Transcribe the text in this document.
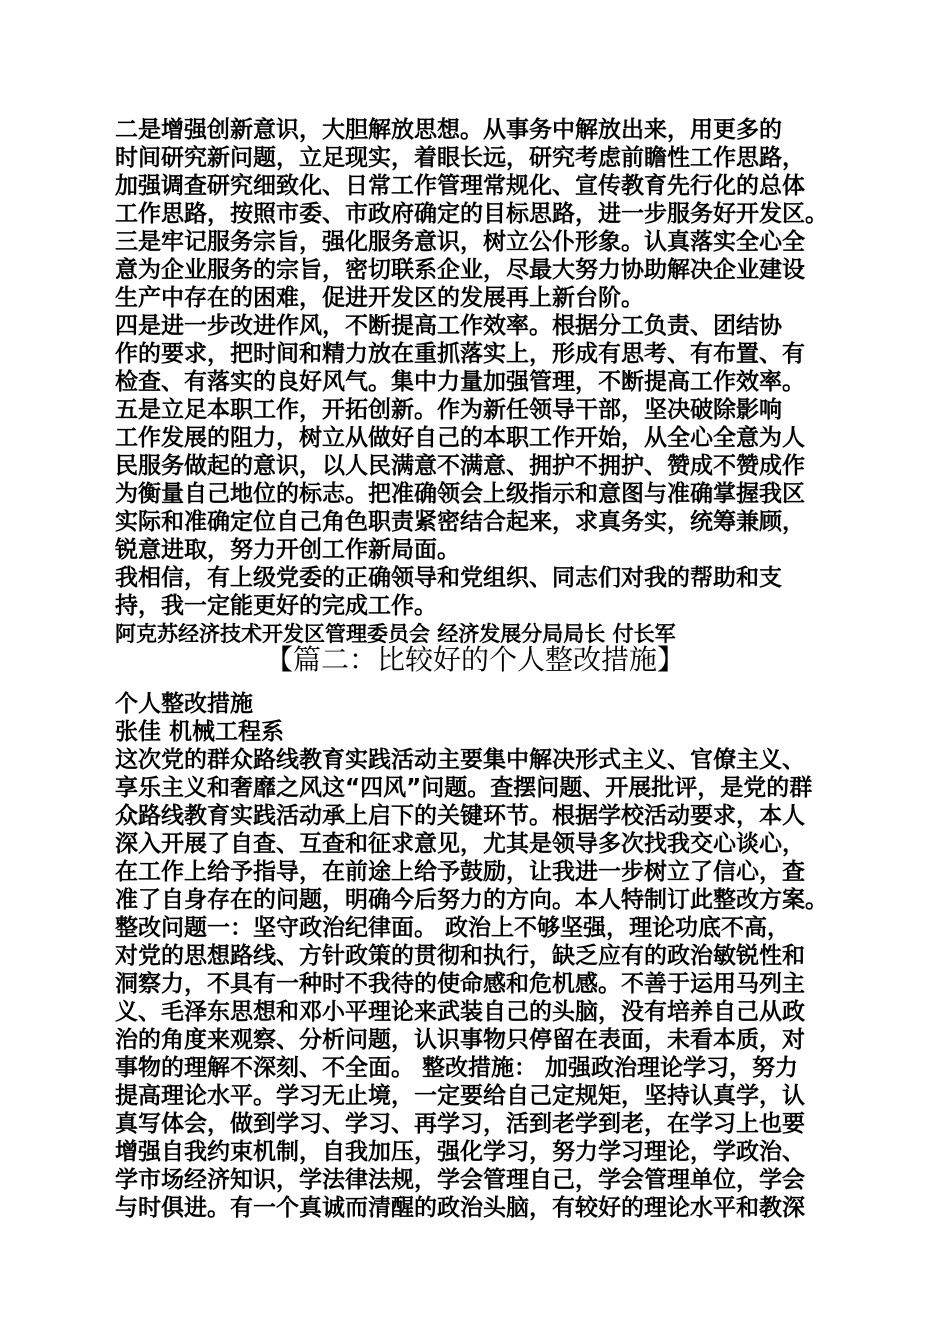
二是增强创新意识，大胆解放思想。从事务中解放出来，用更多的
时间研究新问题，立足现实，着眼长远，研究考虑前瞻性工作思路，
加强调查研究细致化、日常工作管理常规化、宣传教育先行化的总体
工作思路，按照市委、市政府确定的目标思路，进一步服务好开发区。
三是牢记服务宗旨，强化服务意识，树立公仆形象。认真落实全心全
意为企业服务的宗旨，密切联系企业，尽最大努力协助解决企业建设
生产中存在的困难，促进开发区的发展再上新台阶。
四是进一步改进作风，不断提高工作效率。根据分工负责、团结协
作的要求，把时间和精力放在重抓落实上，形成有思考、有布置、有
检查、有落实的良好风气。集中力量加强管理，不断提高工作效率。
五是立足本职工作，开拓创新。作为新任领导干部，坚决破除影响
工作发展的阻力，树立从做好自己的本职工作开始，从全心全意为人
民服务做起的意识，以人民满意不满意、拥护不拥护、赞成不赞成作
为衡量自己地位的标志。把准确领会上级指示和意图与准确掌握我区
实际和准确定位自己角色职责紧密结合起来，求真务实，统筹兼顾，
锐意进取，努力开创工作新局面。
我相信，有上级党委的正确领导和党组织、同志们对我的帮助和支
持，我一定能更好的完成工作。
阿克苏经济技术开发区管理委员会 经济发展分局局长 付长军
【篇二：比较好的个人整改措施】
个人整改措施
张佳 机械工程系
这次党的群众路线教育实践活动主要集中解决形式主义、官僚主义、
享乐主义和奢靡之风这“四风”问题。查摆问题、开展批评，是党的群
众路线教育实践活动承上启下的关键环节。根据学校活动要求，本人
深入开展了自查、互查和征求意见，尤其是领导多次找我交心谈心，
在工作上给予指导，在前途上给予鼓励，让我进一步树立了信心，查
准了自身存在的问题，明确今后努力的方向。本人特制订此整改方案。
整改问题一：坚守政治纪律面。 政治上不够坚强，理论功底不高，
对党的思想路线、方针政策的贯彻和执行，缺乏应有的政治敏锐性和
洞察力，不具有一种时不我待的使命感和危机感。不善于运用马列主
义、毛泽东思想和邓小平理论来武装自己的头脑，没有培养自己从政
治的角度来观察、分析问题，认识事物只停留在表面，未看本质，对
事物的理解不深刻、不全面。 整改措施： 加强政治理论学习，努力
提高理论水平。学习无止境，一定要给自己定规矩，坚持认真学，认
真写体会，做到学习、学习、再学习，活到老学到老，在学习上也要
增强自我约束机制，自我加压，强化学习，努力学习理论，学政治、
学市场经济知识，学法律法规，学会管理自己，学会管理单位，学会
与时俱进。有一个真诚而清醒的政治头脑，有较好的理论水平和教深
